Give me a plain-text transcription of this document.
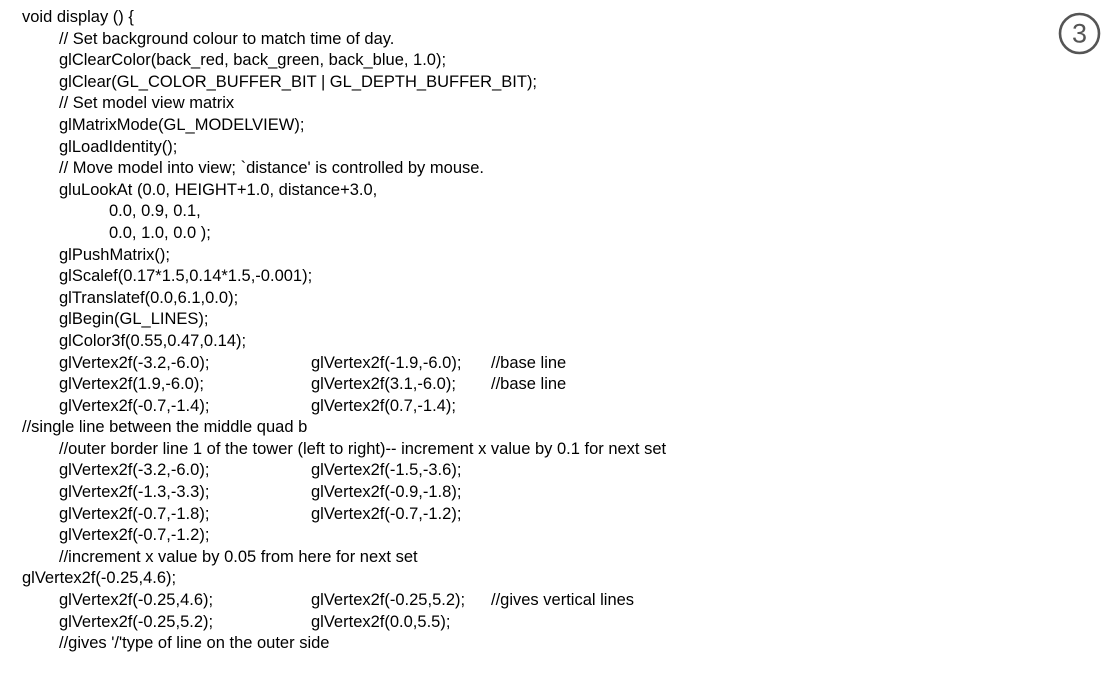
void display () {
// Set background colour to match time of day.
glClearColor(back_red, back_green, back_blue, 1.0);
glClear(GL_COLOR_BUFFER_BIT | GL_DEPTH_BUFFER_BIT);
// Set model view matrix
glMatrixMode(GL_MODELVIEW);
glLoadIdentity();
// Move model into view; `distance' is controlled by mouse.
gluLookAt (0.0, HEIGHT+1.0, distance+3.0,
0.0, 0.9, 0.1,
0.0, 1.0, 0.0 );
glPushMatrix();
glScalef(0.17*1.5,0.14*1.5,-0.001);
glTranslatef(0.0,6.1,0.0);
glBegin(GL_LINES);
glColor3f(0.55,0.47,0.14);
glVertex2f(-3.2,-6.0);	glVertex2f(-1.9,-6.0); //base line
glVertex2f(1.9,-6.0);	glVertex2f(3.1,-6.0); //base line
glVertex2f(-0.7,-1.4);	glVertex2f(0.7,-1.4);
//single line between the middle quad b
//outer border line 1 of the tower (left to right)-- increment x value by 0.1 for next set
glVertex2f(-3.2,-6.0);	glVertex2f(-1.5,-3.6);
glVertex2f(-1.3,-3.3);	glVertex2f(-0.9,-1.8);
glVertex2f(-0.7,-1.8);	glVertex2f(-0.7,-1.2);
glVertex2f(-0.7,-1.2);
//increment x value by 0.05 from here for next set
glVertex2f(-0.25,4.6);
glVertex2f(-0.25,4.6);	glVertex2f(-0.25,5.2); //gives vertical lines
glVertex2f(-0.25,5.2);	glVertex2f(0.0,5.5);
//gives '/'type of line on the outer side
3
